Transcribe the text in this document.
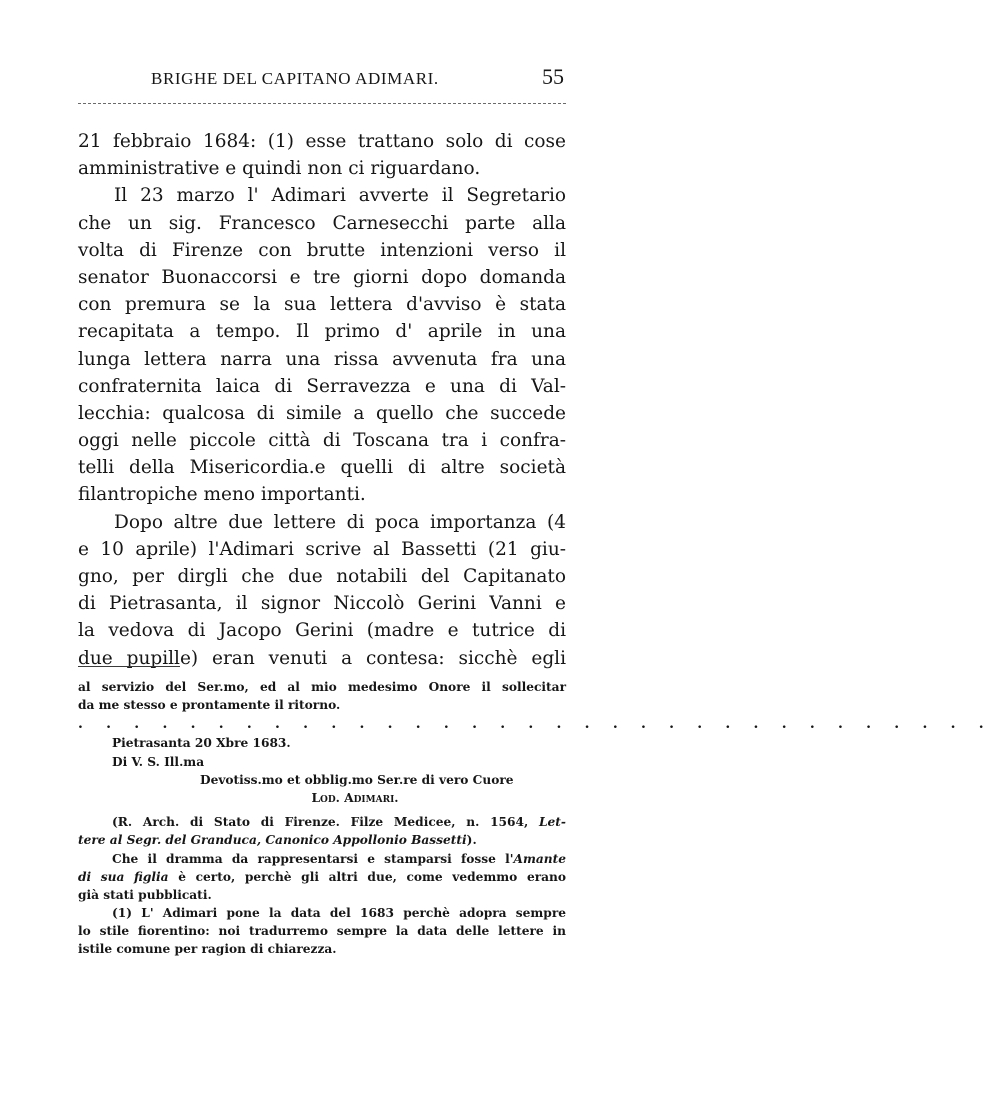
BRIGHE DEL CAPITANO ADIMARI.	55
21 febbraio 1684: (1) esse trattano solo di cose
amministrative e quindi non ci riguardano.
Il 23 marzo l' Adimari avverte il Segretario
che un sig. Francesco Carnesecchi parte alla
volta di Firenze con brutte intenzioni verso il
senator Buonaccorsi e tre giorni dopo domanda
con premura se la sua lettera d'avviso è stata
recapitata a tempo. Il primo d' aprile in una
lunga lettera narra una rissa avvenuta fra una
confraternita laica di Serravezza e una di Val-
lecchia: qualcosa di simile a quello che succede
oggi nelle piccole città di Toscana tra i confra-
telli della Misericordia.e quelli di altre società
filantropiche meno importanti.
Dopo altre due lettere di poca importanza (4
e 10 aprile) l'Adimari scrive al Bassetti (21 giu-
gno, per dirgli che due notabili del Capitanato
di Pietrasanta, il signor Niccolò Gerini Vanni e
la vedova di Jacopo Gerini (madre e tutrice di
due pupille) eran venuti a contesa: sicchè egli
al servizio del Ser.mo, ed al mio medesimo Onore il sollecitar
da me stesso e prontamente il ritorno.
. . . . . . . . . . . . . . . . . . . . . . . . . . . . . . . . .
Pietrasanta 20 Xbre 1683.
Di V. S. Ill.ma
Devotiss.mo et obblig.mo Ser.re di vero Cuore
Lod. Adimari.
(R. Arch. di Stato di Firenze. Filze Medicee, n. 1564, Let-
tere al Segr. del Granduca, Canonico Appollonio Bassetti).
Che il dramma da rappresentarsi e stamparsi fosse l'Amante
di sua figlia è certo, perchè gli altri due, come vedemmo erano
già stati pubblicati.
(1) L' Adimari pone la data del 1683 perchè adopra sempre
lo stile fiorentino: noi tradurremo sempre la data delle lettere in
istile comune per ragion di chiarezza.
